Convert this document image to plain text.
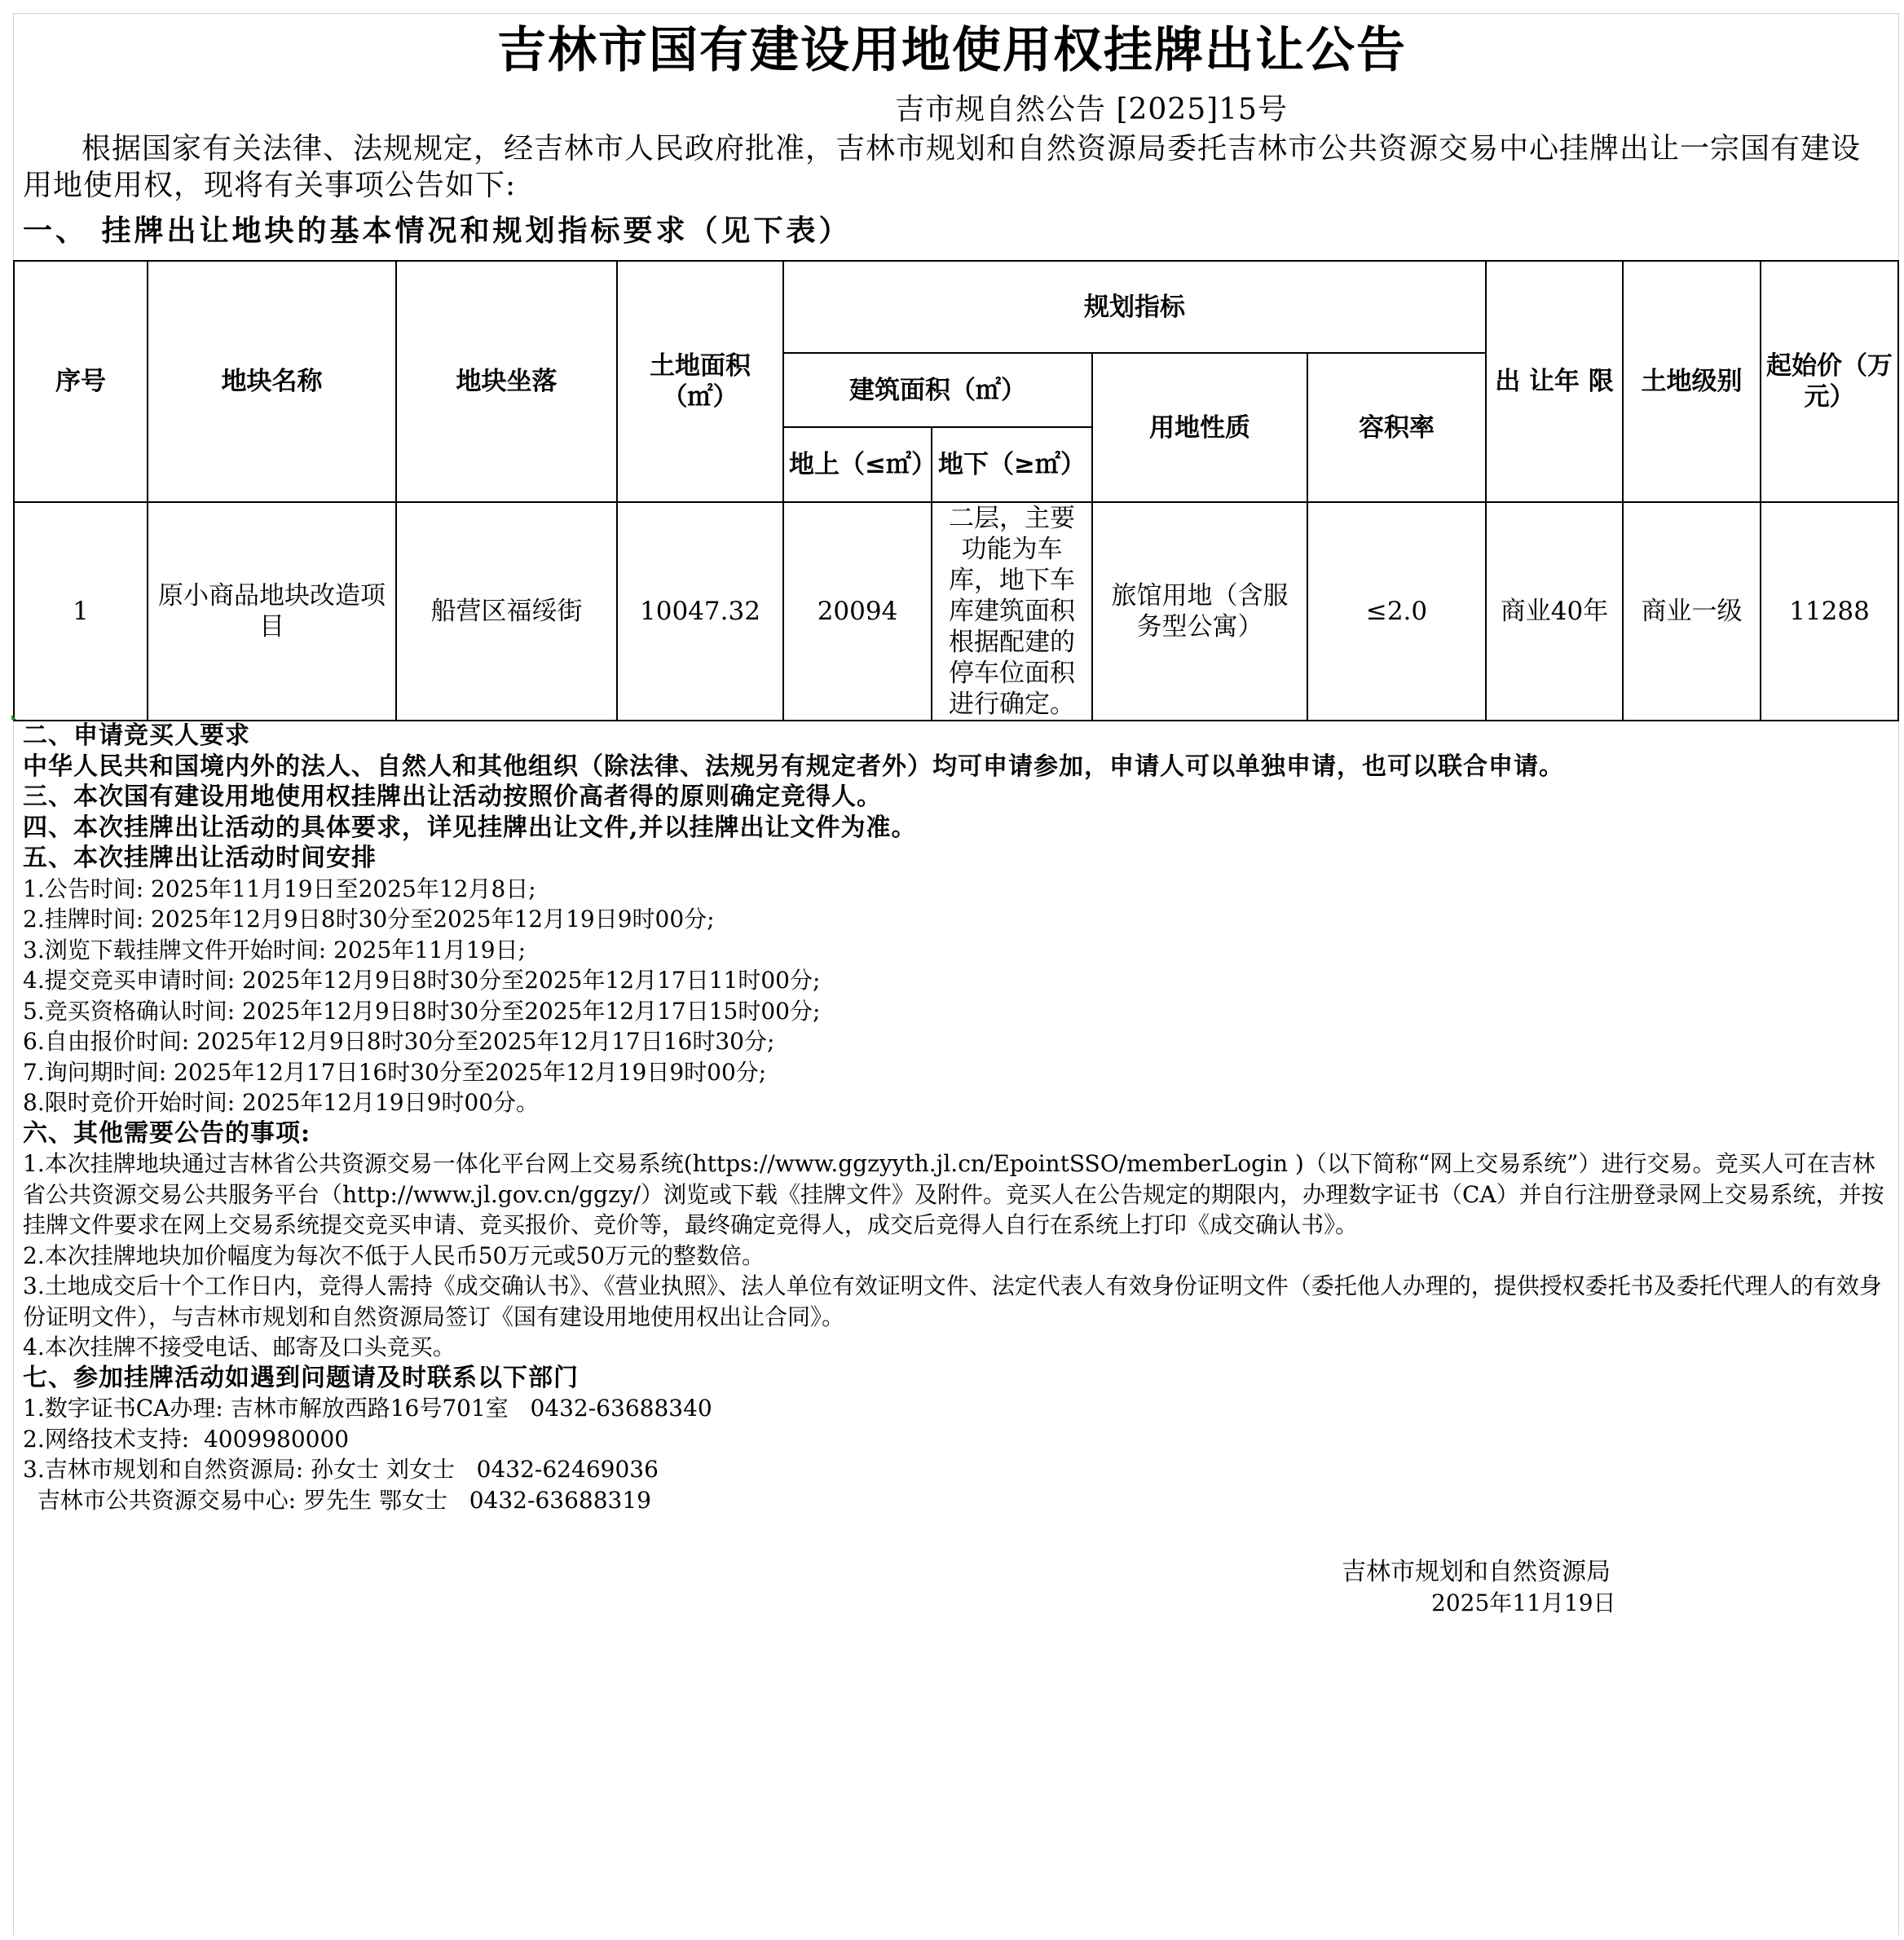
吉林市国有建设用地使用权挂牌出让公告
吉市规自然公告 [2025]15号
根据国家有关法律、法规规定，经吉林市人民政府批准，吉林市规划和自然资源局委托吉林市公共资源交易中心挂牌出让一宗国有建设用地使用权，现将有关事项公告如下:
一、 挂牌出让地块的基本情况和规划指标要求（见下表）
序号	地块名称	地块坐落	土地面积（㎡）	规划指标				出 让年 限	土地级别	起始价（万元）
				建筑面积（㎡）		用地性质	容积率			
				地上（≤㎡）	地下（≥㎡）					
1	原小商品地块改造项目	船营区福绥街	10047.32	20094	二层，主要功能为车库，地下车库建筑面积根据配建的停车位面积进行确定。	旅馆用地（含服务型公寓）	≤2.0	商业40年	商业一级	11288
二、申请竞买人要求
中华人民共和国境内外的法人、自然人和其他组织（除法律、法规另有规定者外）均可申请参加，申请人可以单独申请，也可以联合申请。
三、本次国有建设用地使用权挂牌出让活动按照价高者得的原则确定竞得人。
四、本次挂牌出让活动的具体要求，详见挂牌出让文件,并以挂牌出让文件为准。
五、本次挂牌出让活动时间安排
1.公告时间: 2025年11月19日至2025年12月8日;
2.挂牌时间: 2025年12月9日8时30分至2025年12月19日9时00分;
3.浏览下载挂牌文件开始时间: 2025年11月19日;
4.提交竞买申请时间: 2025年12月9日8时30分至2025年12月17日11时00分;
5.竞买资格确认时间: 2025年12月9日8时30分至2025年12月17日15时00分;
6.自由报价时间: 2025年12月9日8时30分至2025年12月17日16时30分;
7.询问期时间: 2025年12月17日16时30分至2025年12月19日9时00分;
8.限时竞价开始时间: 2025年12月19日9时00分。
六、其他需要公告的事项:
1.本次挂牌地块通过吉林省公共资源交易一体化平台网上交易系统(https://www.ggzyyth.jl.cn/EpointSSO/memberLogin )（以下简称“网上交易系统”）进行交易。竞买人可在吉林省公共资源交易公共服务平台（http://www.jl.gov.cn/ggzy/）浏览或下载《挂牌文件》及附件。竞买人在公告规定的期限内，办理数字证书（CA）并自行注册登录网上交易系统，并按挂牌文件要求在网上交易系统提交竞买申请、竞买报价、竞价等，最终确定竞得人，成交后竞得人自行在系统上打印《成交确认书》。
2.本次挂牌地块加价幅度为每次不低于人民币50万元或50万元的整数倍。
3.土地成交后十个工作日内，竞得人需持《成交确认书》、《营业执照》、法人单位有效证明文件、法定代表人有效身份证明文件（委托他人办理的，提供授权委托书及委托代理人的有效身份证明文件），与吉林市规划和自然资源局签订《国有建设用地使用权出让合同》。
4.本次挂牌不接受电话、邮寄及口头竞买。
七、参加挂牌活动如遇到问题请及时联系以下部门
1.数字证书CA办理: 吉林市解放西路16号701室   0432-63688340
2.网络技术支持:  4009980000
3.吉林市规划和自然资源局: 孙女士 刘女士   0432-62469036
吉林市公共资源交易中心: 罗先生 鄂女士   0432-63688319
吉林市规划和自然资源局
2025年11月19日
